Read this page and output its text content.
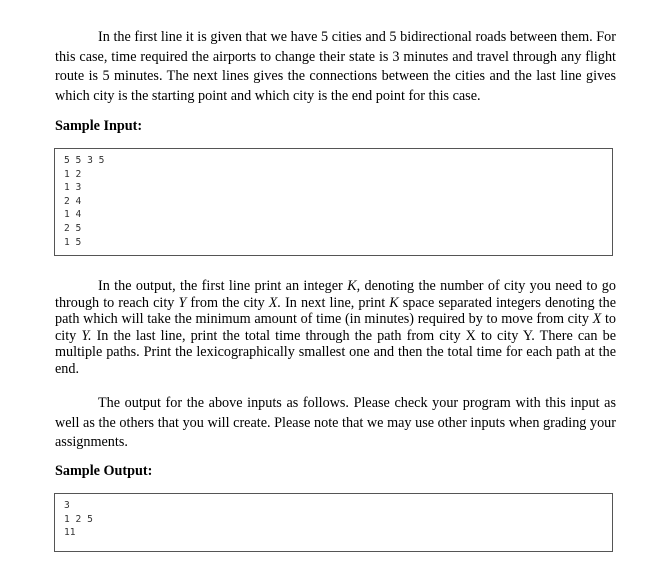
In the first line it is given that we have 5 cities and 5 bidirectional roads between them. For this case, time required the airports to change their state is 3 minutes and travel through any flight route is 5 minutes. The next lines gives the connections between the cities and the last line gives which city is the starting point and which city is the end point for this case.

Sample Input:

5 5 3 5
1 2
1 3
2 4
1 4
2 5
1 5

In the output, the first line print an integer K, denoting the number of city you need to go through to reach city Y from the city X. In next line, print K space separated integers denoting the path which will take the minimum amount of time (in minutes) required by to move from city X to city Y. In the last line, print the total time through the path from city X to city Y. There can be multiple paths. Print the lexicographically smallest one and then the total time for each path at the end.

The output for the above inputs as follows. Please check your program with this input as well as the others that you will create. Please note that we may use other inputs when grading your assignments.

Sample Output:

3
1 2 5
11
